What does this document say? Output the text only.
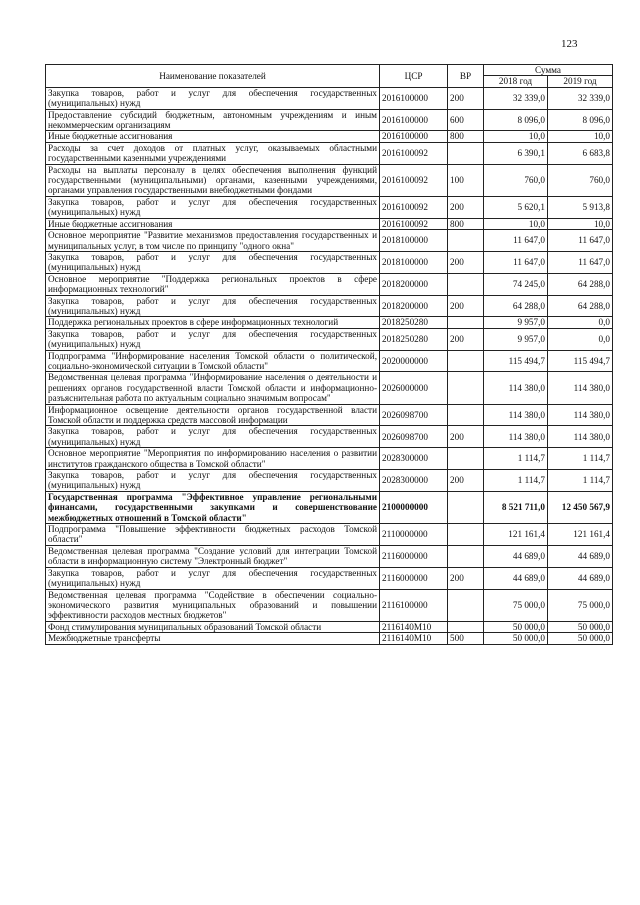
123
Наименование показателей	ЦСР	ВР	Сумма	
			2018 год	2019 год
Закупка товаров, работ и услуг для обеспечения государственных (муниципальных) нужд	2016100000	200	32 339,0	32 339,0
Предоставление субсидий бюджетным, автономным учреждениям и иным некоммерческим организациям	2016100000	600	8 096,0	8 096,0
Иные бюджетные ассигнования	2016100000	800	10,0	10,0
Расходы за счет доходов от платных услуг, оказываемых областными государственными казенными учреждениями	2016100092		6 390,1	6 683,8
Расходы на выплаты персоналу в целях обеспечения выполнения функций государственными (муниципальными) органами, казенными учреждениями, органами управления государственными внебюджетными фондами	2016100092	100	760,0	760,0
Закупка товаров, работ и услуг для обеспечения государственных (муниципальных) нужд	2016100092	200	5 620,1	5 913,8
Иные бюджетные ассигнования	2016100092	800	10,0	10,0
Основное мероприятие "Развитие механизмов предоставления государственных и муниципальных услуг, в том числе по принципу "одного окна"	2018100000		11 647,0	11 647,0
Закупка товаров, работ и услуг для обеспечения государственных (муниципальных) нужд	2018100000	200	11 647,0	11 647,0
Основное мероприятие "Поддержка региональных проектов в сфере информационных технологий"	2018200000		74 245,0	64 288,0
Закупка товаров, работ и услуг для обеспечения государственных (муниципальных) нужд	2018200000	200	64 288,0	64 288,0
Поддержка региональных проектов в сфере информационных технологий	2018250280		9 957,0	0,0
Закупка товаров, работ и услуг для обеспечения государственных (муниципальных) нужд	2018250280	200	9 957,0	0,0
Подпрограмма "Информирование населения Томской области о политической, социально-экономической ситуации в Томской области"	2020000000		115 494,7	115 494,7
Ведомственная целевая программа "Информирование населения о деятельности и решениях органов государственной власти Томской области и информационно-разъяснительная работа по актуальным социально значимым вопросам"	2026000000		114 380,0	114 380,0
Информационное освещение деятельности органов государственной власти Томской области и поддержка средств массовой информации	2026098700		114 380,0	114 380,0
Закупка товаров, работ и услуг для обеспечения государственных (муниципальных) нужд	2026098700	200	114 380,0	114 380,0
Основное мероприятие "Мероприятия по информированию населения о развитии институтов гражданского общества в Томской области"	2028300000		1 114,7	1 114,7
Закупка товаров, работ и услуг для обеспечения государственных (муниципальных) нужд	2028300000	200	1 114,7	1 114,7
Государственная программа "Эффективное управление региональными финансами, государственными закупками и совершенствование межбюджетных отношений в Томской области"	2100000000		8 521 711,0	12 450 567,9
Подпрограмма "Повышение эффективности бюджетных расходов Томской области"	2110000000		121 161,4	121 161,4
Ведомственная целевая программа "Создание условий для интеграции Томской области в информационную систему "Электронный бюджет"	2116000000		44 689,0	44 689,0
Закупка товаров, работ и услуг для обеспечения государственных (муниципальных) нужд	2116000000	200	44 689,0	44 689,0
Ведомственная целевая программа "Содействие в обеспечении социально-экономического развития муниципальных образований и повышении эффективности расходов местных бюджетов"	2116100000		75 000,0	75 000,0
Фонд стимулирования муниципальных образований Томской области	2116140М10		50 000,0	50 000,0
Межбюджетные трансферты	2116140М10	500	50 000,0	50 000,0
